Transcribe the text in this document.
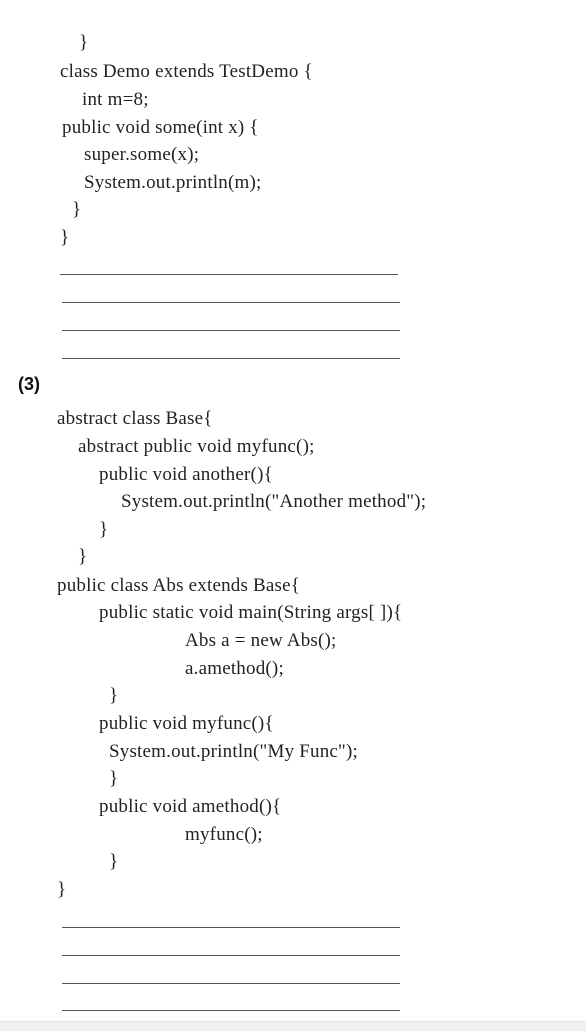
}
class Demo extends TestDemo {
int m=8;
public void some(int x) {
super.some(x);
System.out.println(m);
}
}
(3)
abstract class Base{
abstract public void myfunc();
public void another(){
System.out.println("Another method");
}
}
public class Abs extends Base{
public static void main(String args[ ]){
Abs a = new Abs();
a.amethod();
}
public void myfunc(){
System.out.println("My Func");
}
public void amethod(){
myfunc();
}
}
